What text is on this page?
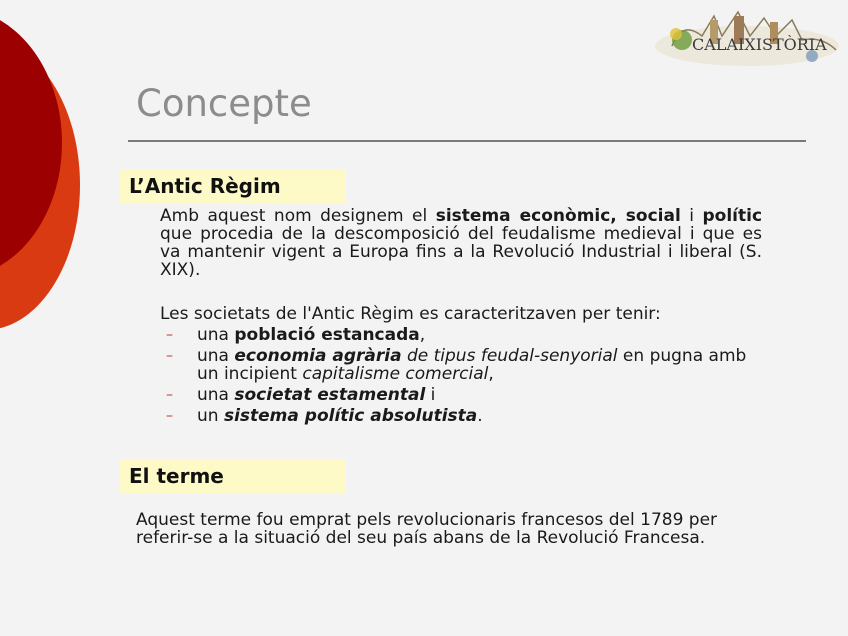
CALAIXISTÒRIA
Concepte
L’Antic Règim
Amb aquest nom designem el sistema econòmic, social i polític que procedia de la descomposició del feudalisme medieval i que es va mantenir vigent a Europa fins a la Revolució Industrial i liberal (S. XIX).
Les societats de l'Antic Règim es caracteritzaven per tenir:
– una població estancada,
– una economia agrària de tipus feudal-senyorial en pugna amb un incipient capitalisme comercial,
– una societat estamental i
– un sistema polític absolutista.
El terme
Aquest terme fou emprat pels revolucionaris francesos del 1789 per referir-se a la situació del seu país abans de la Revolució Francesa.
